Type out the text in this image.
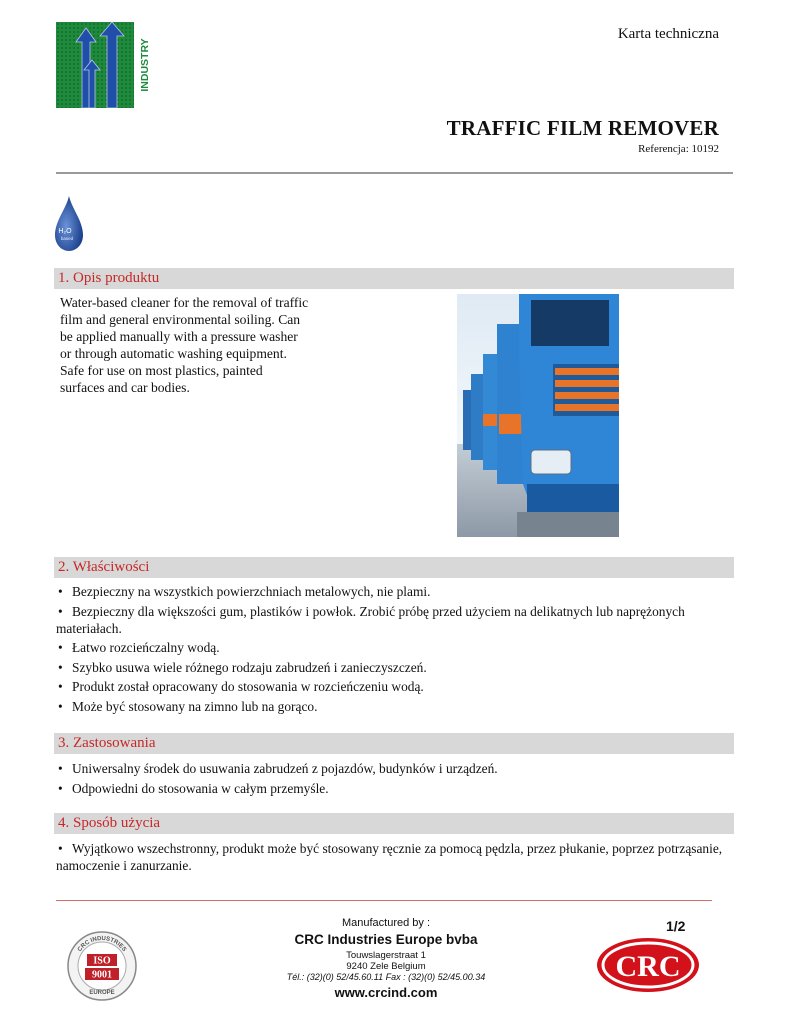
INDUSTRY
Karta techniczna
TRAFFIC FILM REMOVER
Referencja: 10192
H₂O
based
1. Opis produktu
Water-based cleaner for the removal of traffic film and general environmental soiling. Can be applied manually with a pressure washer or through automatic washing equipment. Safe for use on most plastics, painted surfaces and car bodies.
2. Właściwości
• Bezpieczny na wszystkich powierzchniach metalowych, nie plami.
• Bezpieczny dla większości gum, plastików i powłok. Zrobić próbę przed użyciem na delikatnych lub naprężonych materiałach.
• Łatwo rozcieńczalny wodą.
• Szybko usuwa wiele różnego rodzaju zabrudzeń i zanieczyszczeń.
• Produkt został opracowany do stosowania w rozcieńczeniu wodą.
• Może być stosowany na zimno lub na gorąco.
3. Zastosowania
• Uniwersalny środek do usuwania zabrudzeń z pojazdów, budynków i urządzeń.
• Odpowiedni do stosowania w całym przemyśle.
4. Sposób użycia
• Wyjątkowo wszechstronny, produkt może być stosowany ręcznie za pomocą pędzla, przez płukanie, poprzez potrząsanie, namoczenie i zanurzanie.
CRC INDUSTRIES
ISO
9001
EUROPE
Manufactured by :
CRC Industries Europe bvba
Touwslagerstraat 1
9240 Zele Belgium
Tél.: (32)(0) 52/45.60.11 Fax : (32)(0) 52/45.00.34
www.crcind.com
1/2
CRC
